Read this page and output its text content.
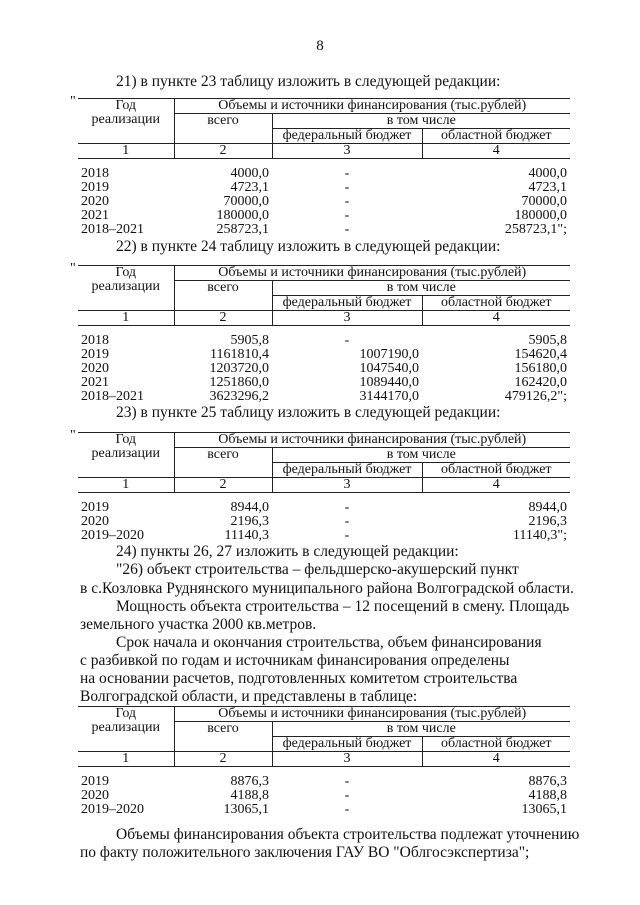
8
21) в пункте 23 таблицу изложить в следующей редакции:
"	Год
реализации	Объемы и источники финансирования (тыс.рублей)		
	всего	в том числе	
		федеральный бюджет	областной бюджет
1	2	3	4

2018	4000,0	-	4000,0
2019	4723,1	-	4723,1
2020	70000,0	-	70000,0
2021	180000,0	-	180000,0
2018–2021	258723,1	-	258723,1";
22) в пункте 24 таблицу изложить в следующей редакции:
"	Год
реализации	Объемы и источники финансирования (тыс.рублей)		
	всего	в том числе	
		федеральный бюджет	областной бюджет
1	2	3	4

2018	5905,8	-	5905,8
2019	1161810,4	1007190,0	154620,4
2020	1203720,0	1047540,0	156180,0
2021	1251860,0	1089440,0	162420,0
2018–2021	3623296,2	3144170,0	479126,2";
23) в пункте 25 таблицу изложить в следующей редакции:
"	Год
реализации	Объемы и источники финансирования (тыс.рублей)		
	всего	в том числе	
		федеральный бюджет	областной бюджет
1	2	3	4

2019	8944,0	-	8944,0
2020	2196,3	-	2196,3
2019–2020	11140,3	-	11140,3";
24) пункты 26, 27 изложить в следующей редакции:
"26) объект строительства – фельдшерско-акушерский пункт
в с.Козловка Руднянского муниципального района Волгоградской области.
Мощность объекта строительства – 12 посещений в смену. Площадь
земельного участка 2000 кв.метров.
Срок начала и окончания строительства, объем финансирования
с разбивкой по годам и источникам финансирования определены
на основании расчетов, подготовленных комитетом строительства
Волгоградской области, и представлены в таблице:
Год
реализации	Объемы и источники финансирования (тыс.рублей)		
	всего	в том числе	
		федеральный бюджет	областной бюджет
1	2	3	4

2019	8876,3	-	8876,3
2020	4188,8	-	4188,8
2019–2020	13065,1	-	13065,1
Объемы финансирования объекта строительства подлежат уточнению
по факту положительного заключения ГАУ ВО "Облгосэкспертиза";
